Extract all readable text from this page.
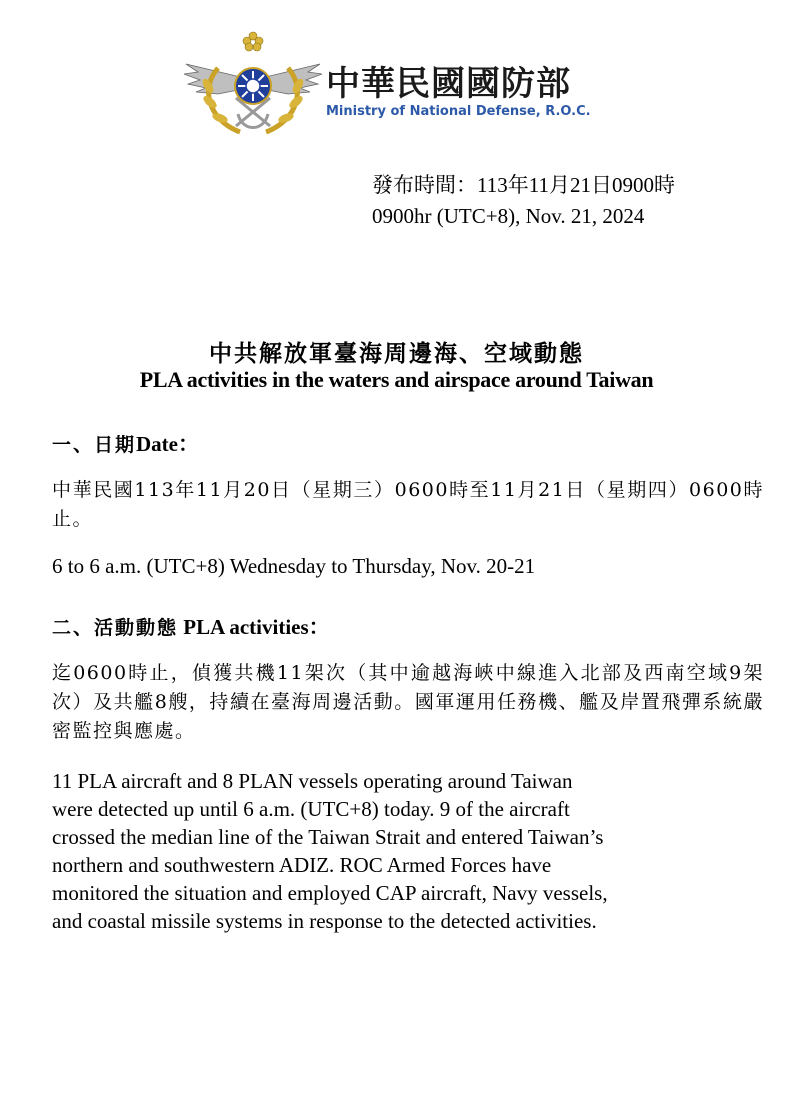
中華民國國防部
Ministry of National Defense, R.O.C.
發布時間：113年11月21日0900時
0900hr (UTC+8), Nov. 21, 2024
中共解放軍臺海周邊海、空域動態
PLA activities in the waters and airspace around Taiwan
一、日期Date：
中華民國113年11月20日（星期三）0600時至11月21日（星期四）0600時止。
6 to 6 a.m. (UTC+8) Wednesday to Thursday, Nov. 20-21
二、活動動態 PLA activities：
迄0600時止，偵獲共機11架次（其中逾越海峽中線進入北部及西南空域9架次）及共艦8艘，持續在臺海周邊活動。國軍運用任務機、艦及岸置飛彈系統嚴密監控與應處。
11 PLA aircraft and 8 PLAN vessels operating around Taiwan
were detected up until 6 a.m. (UTC+8) today. 9 of the aircraft
crossed the median line of the Taiwan Strait and entered Taiwan’s
northern and southwestern ADIZ. ROC Armed Forces have
monitored the situation and employed CAP aircraft, Navy vessels,
and coastal missile systems in response to the detected activities.
